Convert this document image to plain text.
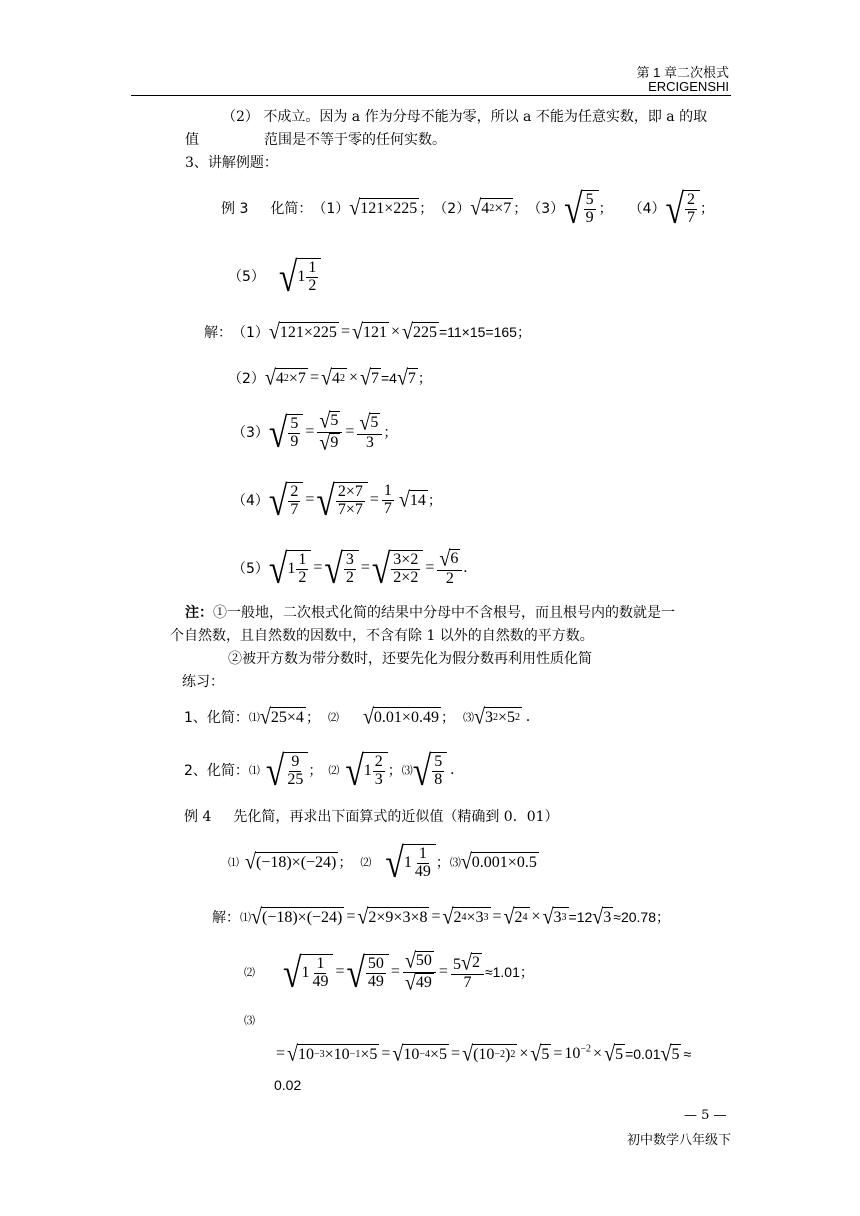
第 1 章二次根式
ERCIGENSHI
（2） 不成立。因为 a 作为分母不能为零，所以 a 不能为任意实数，即 a 的取
值	范围是不等于零的任何实数。
3、讲解例题：
例 3 化简： （1） √ 121×225 ； （2） √ 4 2 ×7 ； （3） √ $\frac{5}{9}$ ； （4） √ $\frac{2}{7}$ ；
（5） √ $1 \frac{1}{2}$
解： （1） √ 121×225 = √ 121 × √ 225 =11×15=165；
（2） √ 4 2 ×7 = √ 4 2 × √ 7 =4 √ 7 ；
（3） √ $\frac{5}{9} = \frac{√ 5}{√ 9} = \frac{√ 5}{3}$ ；
（4） √ $\frac{2}{7}$ = √ $\frac{2\times 7}{7\times 7} = \frac{1}{7}$ √ 14 ；
（5） √ $1 \frac{1}{2}$ = √ $\frac{3}{2}$ = √ $\frac{3\times 2}{2\times 2} = \frac{√ 6}{2}$ .
注：①一般地，二次根式化简的结果中分母中不含根号，而且根号内的数就是一
个自然数，且自然数的因数中，不含有除 1 以外的自然数的平方数。
②被开方数为带分数时，还要先化为假分数再利用性质化简
练习：
1、化简： ⑴ √ 25×4 ； ⑵ √ 0.01×0.49 ； ⑶ √ 3 2 ×5 2 .
2、化简： ⑴ √ $\frac{9}{25}$ ； ⑵ √ $1 \frac{2}{3}$ ； ⑶ √ $\frac{5}{8}$ .
例 4 先化简，再求出下面算式的近似值（精确到 0．01）
⑴ √ (−18)×(−24) ； ⑵ √ $1 \frac{1}{49}$ ； ⑶ √ 0.001×0.5
解： ⑴ √ (−18)×(−24) = √ 2×9×3×8 = √ 2 4 ×3 3 = √ 2 4 × √ 3 3 =12 √ 3 ≈20.78；
⑵ √ $1 \frac{1}{49}$ = √ $\frac{50}{49} = \frac{√ 50}{√ 49} = \frac{5 √ 2}{7} \approx 1.01$；
⑶
= √ 10 −3 ×10 −1 ×5 = √ 10 −4 ×5 = √ (10 −2 ) 2 × √ $5 = 10^{-2}$ × √ 5 =0.01 √ 5 ≈
0.02
— 5 —
初中数学八年级下
